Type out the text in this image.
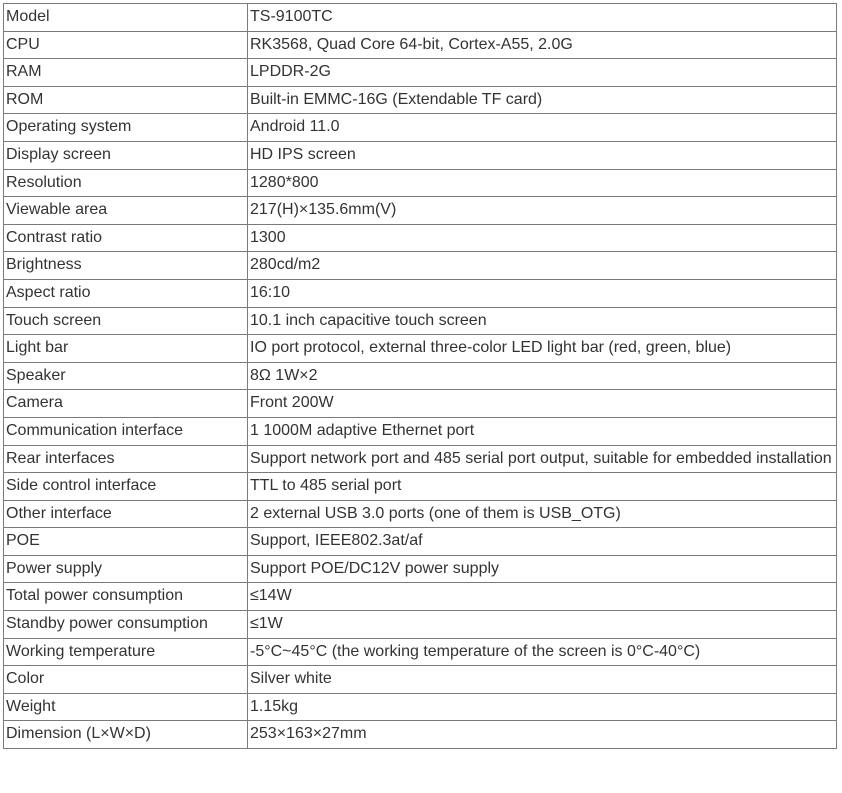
Model	TS-9100TC
CPU	RK3568, Quad Core 64-bit, Cortex-A55, 2.0G
RAM	LPDDR-2G
ROM	Built-in EMMC-16G (Extendable TF card)
Operating system	Android 11.0
Display screen	HD IPS screen
Resolution	1280*800
Viewable area	217(H)×135.6mm(V)
Contrast ratio	1300
Brightness	280cd/m2
Aspect ratio	16:10
Touch screen	10.1 inch capacitive touch screen
Light bar	IO port protocol, external three-color LED light bar (red, green, blue)
Speaker	8Ω 1W×2
Camera	Front 200W
Communication interface	1 1000M adaptive Ethernet port
Rear interfaces	Support network port and 485 serial port output, suitable for embedded installation
Side control interface	TTL to 485 serial port
Other interface	2 external USB 3.0 ports (one of them is USB_OTG)
POE	Support, IEEE802.3at/af
Power supply	Support POE/DC12V power supply
Total power consumption	≤14W
Standby power consumption	≤1W
Working temperature	-5°C~45°C (the working temperature of the screen is 0°C-40°C)
Color	Silver white
Weight	1.15kg
Dimension (L×W×D)	253×163×27mm
